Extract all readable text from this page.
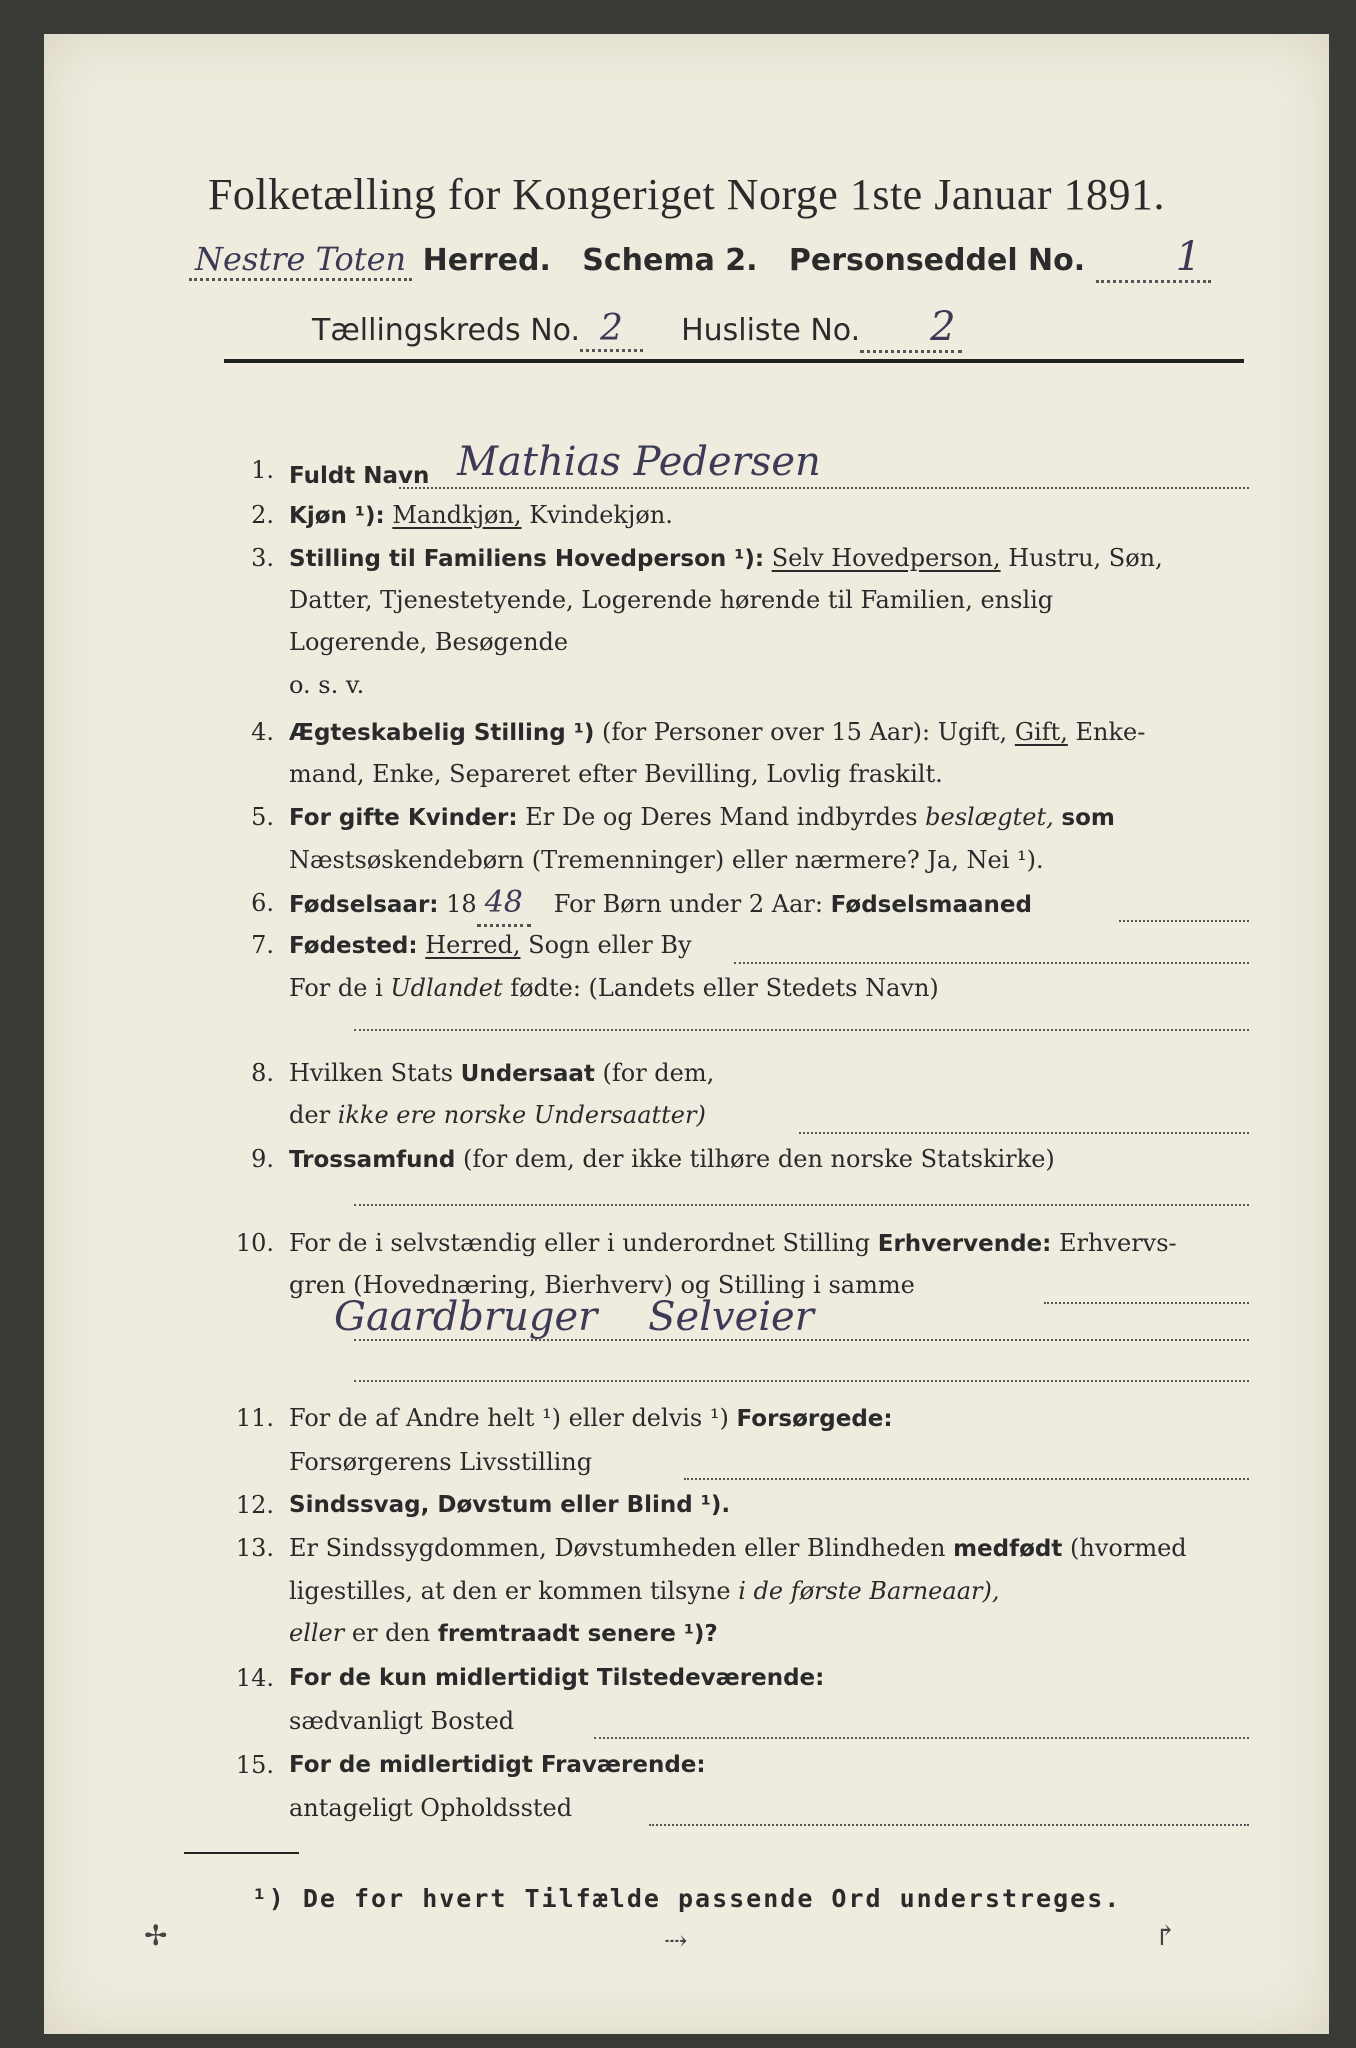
Folketælling for Kongeriget Norge 1ste Januar 1891.
Nestre Toten Herred. Schema 2. Personseddel No. 1
Tællingskreds No. 2 Husliste No. 2
1. Fuldt Navn Mathias Pedersen
2. Kjøn ¹): Mandkjøn, Kvindekjøn.
3. Stilling til Familiens Hovedperson ¹): Selv Hovedperson, Hustru, Søn,
Datter, Tjenestetyende, Logerende hørende til Familien, enslig
Logerende, Besøgende
o. s. v.
4. Ægteskabelig Stilling ¹) (for Personer over 15 Aar): Ugift, Gift, Enke-
mand, Enke, Separeret efter Bevilling, Lovlig fraskilt.
5. For gifte Kvinder: Er De og Deres Mand indbyrdes beslægtet, som
Næstsøskendebørn (Tremenninger) eller nærmere? Ja, Nei ¹).
6. Fødselsaar: 18 48 For Børn under 2 Aar: Fødselsmaaned
7. Fødested: Herred, Sogn eller By
For de i Udlandet fødte: (Landets eller Stedets Navn)
8. Hvilken Stats Undersaat (for dem,
der ikke ere norske Undersaatter)
9. Trossamfund (for dem, der ikke tilhøre den norske Statskirke)
10. For de i selvstændig eller i underordnet Stilling Erhvervende: Erhvervs-
gren (Hovednæring, Bierhverv) og Stilling i samme
Gaardbruger    Selveier
11. For de af Andre helt ¹) eller delvis ¹) Forsørgede:
Forsørgerens Livsstilling
12. Sindssvag, Døvstum eller Blind ¹).
13. Er Sindssygdommen, Døvstumheden eller Blindheden medfødt (hvormed
ligestilles, at den er kommen tilsyne i de første Barneaar),
eller er den fremtraadt senere ¹)?
14. For de kun midlertidigt Tilstedeværende:
sædvanligt Bosted
15. For de midlertidigt Fraværende:
antageligt Opholdssted
¹) De for hvert Tilfælde passende Ord understreges.
✢	⇢	↱
